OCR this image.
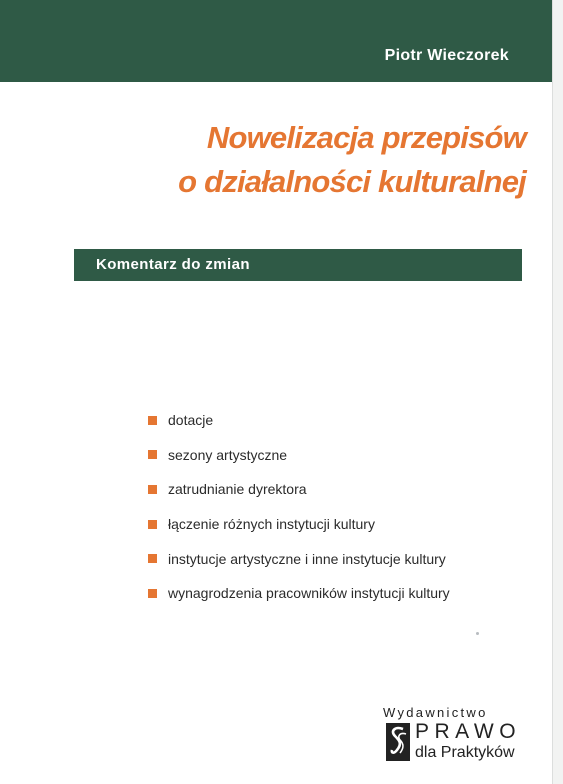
Piotr Wieczorek
Nowelizacja przepisów
o działalności kulturalnej
Komentarz do zmian
dotacje
sezony artystyczne
zatrudnianie dyrektora
łączenie różnych instytucji kultury
instytucje artystyczne i inne instytucje kultury
wynagrodzenia pracowników instytucji kultury
Wydawnictwo
PRAWO
dla Praktyków
